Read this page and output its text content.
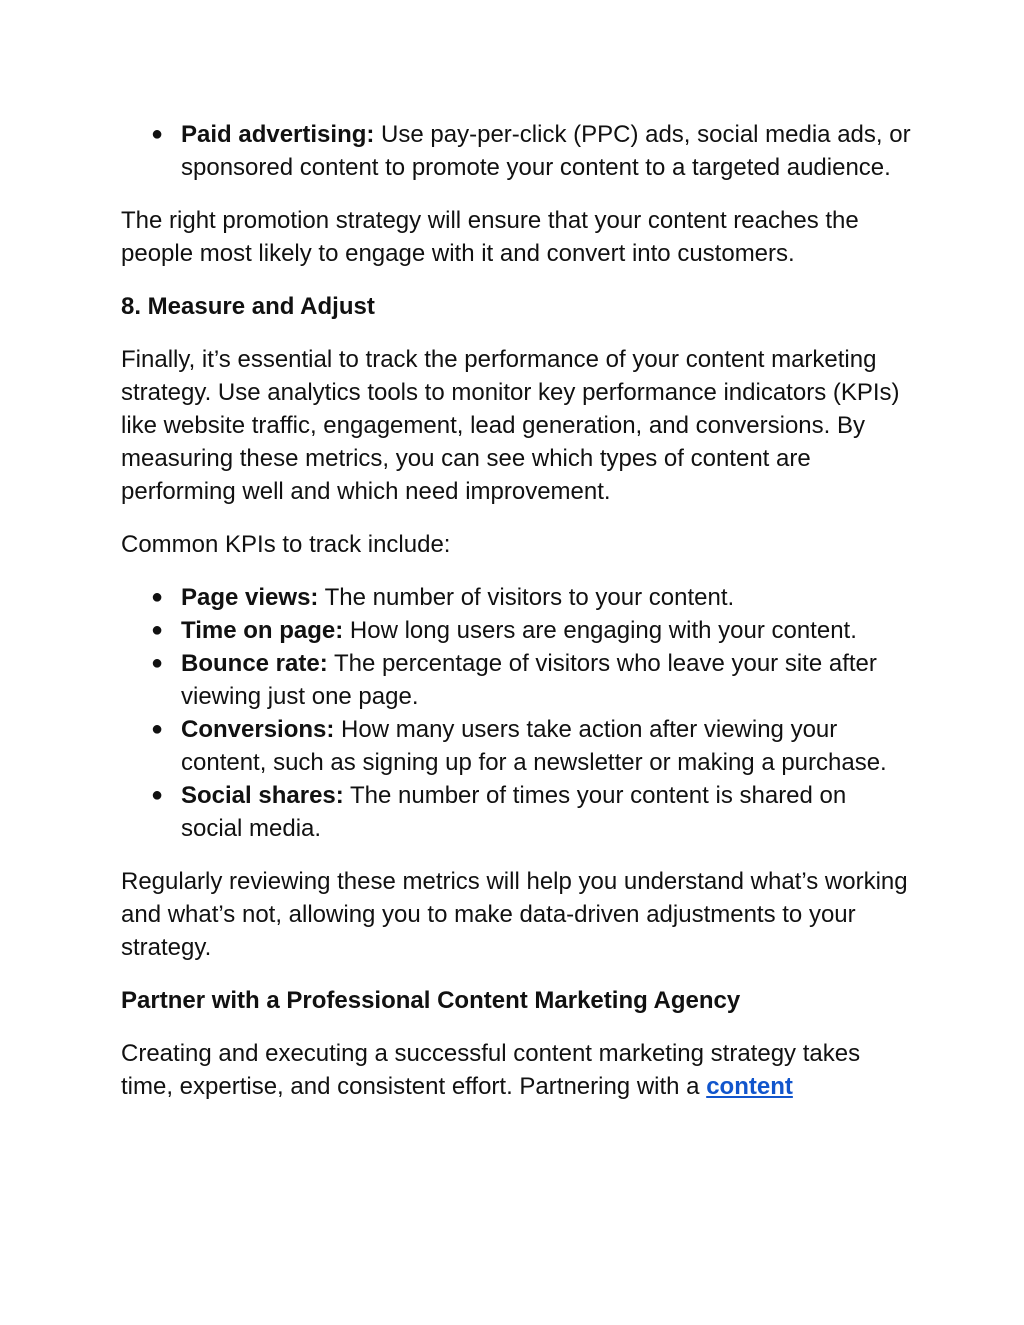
● Paid advertising: Use pay-per-click (PPC) ads, social media ads, or sponsored content to promote your content to a targeted audience.

The right promotion strategy will ensure that your content reaches the people most likely to engage with it and convert into customers.

8. Measure and Adjust

Finally, it’s essential to track the performance of your content marketing strategy. Use analytics tools to monitor key performance indicators (KPIs) like website traffic, engagement, lead generation, and conversions. By measuring these metrics, you can see which types of content are performing well and which need improvement.

Common KPIs to track include:

● Page views: The number of visitors to your content.
● Time on page: How long users are engaging with your content.
● Bounce rate: The percentage of visitors who leave your site after viewing just one page.
● Conversions: How many users take action after viewing your content, such as signing up for a newsletter or making a purchase.
● Social shares: The number of times your content is shared on social media.

Regularly reviewing these metrics will help you understand what’s working and what’s not, allowing you to make data-driven adjustments to your strategy.

Partner with a Professional Content Marketing Agency

Creating and executing a successful content marketing strategy takes time, expertise, and consistent effort. Partnering with a content
